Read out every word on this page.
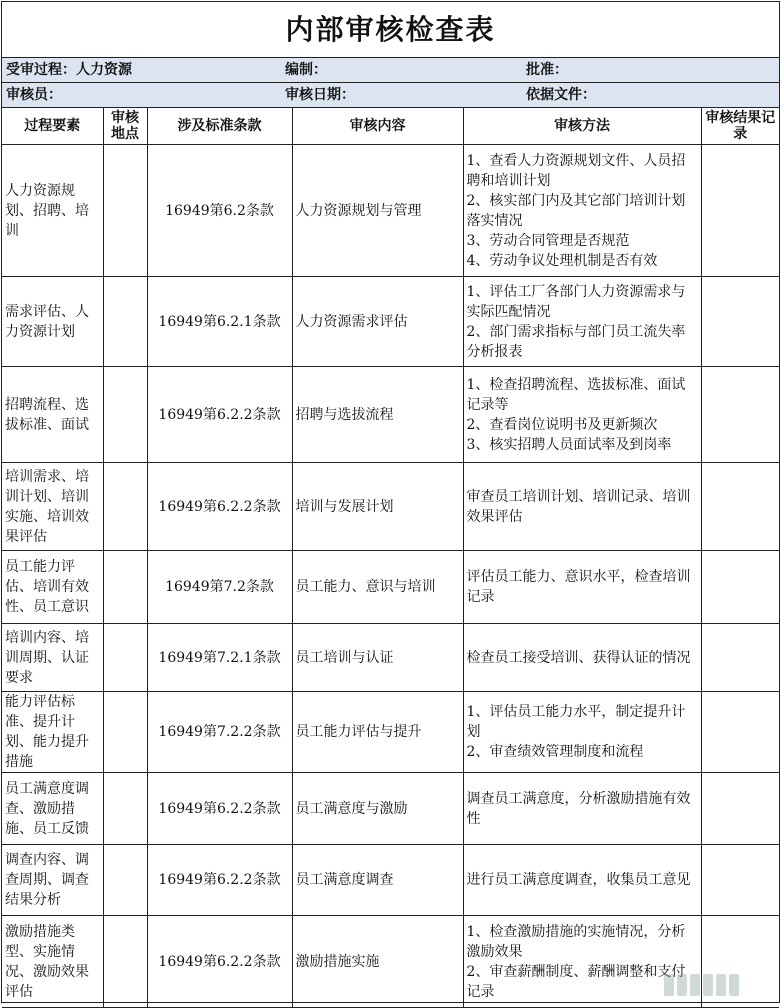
内部审核检查表
受审过程：人力资源	编制：	批准：
审核员：	审核日期：	依据文件：
过程要素	审核地点	涉及标准条款	审核内容	审核方法	审核结果记录
人力资源规划、招聘、培训		16949第6.2条款	人力资源规划与管理	1、查看人力资源规划文件、人员招聘和培训计划
2、核实部门内及其它部门培训计划落实情况
3、劳动合同管理是否规范
4、劳动争议处理机制是否有效	

需求评估、人力资源计划		16949第6.2.1条款	人力资源需求评估	1、评估工厂各部门人力资源需求与实际匹配情况
2、部门需求指标与部门员工流失率分析报表	

招聘流程、选拔标准、面试		16949第6.2.2条款	招聘与选拔流程	1、检查招聘流程、选拔标准、面试记录等
2、查看岗位说明书及更新频次
3、核实招聘人员面试率及到岗率	

培训需求、培训计划、培训实施、培训效果评估		16949第6.2.2条款	培训与发展计划	审查员工培训计划、培训记录、培训效果评估	

员工能力评估、培训有效性、员工意识		16949第7.2条款	员工能力、意识与培训	评估员工能力、意识水平，检查培训记录	

培训内容、培训周期、认证要求		16949第7.2.1条款	员工培训与认证	检查员工接受培训、获得认证的情况	

能力评估标准、提升计划、能力提升措施		16949第7.2.2条款	员工能力评估与提升	1、评估员工能力水平，制定提升计划
2、审查绩效管理制度和流程	

员工满意度调查、激励措施、员工反馈		16949第6.2.2条款	员工满意度与激励	调查员工满意度，分析激励措施有效性	

调查内容、调查周期、调查结果分析		16949第6.2.2条款	员工满意度调查	进行员工满意度调查，收集员工意见	

激励措施类型、实施情况、激励效果评估		16949第6.2.2条款	激励措施实施	1、检查激励措施的实施情况，分析激励效果
2、审查薪酬制度、薪酬调整和支付记录	
